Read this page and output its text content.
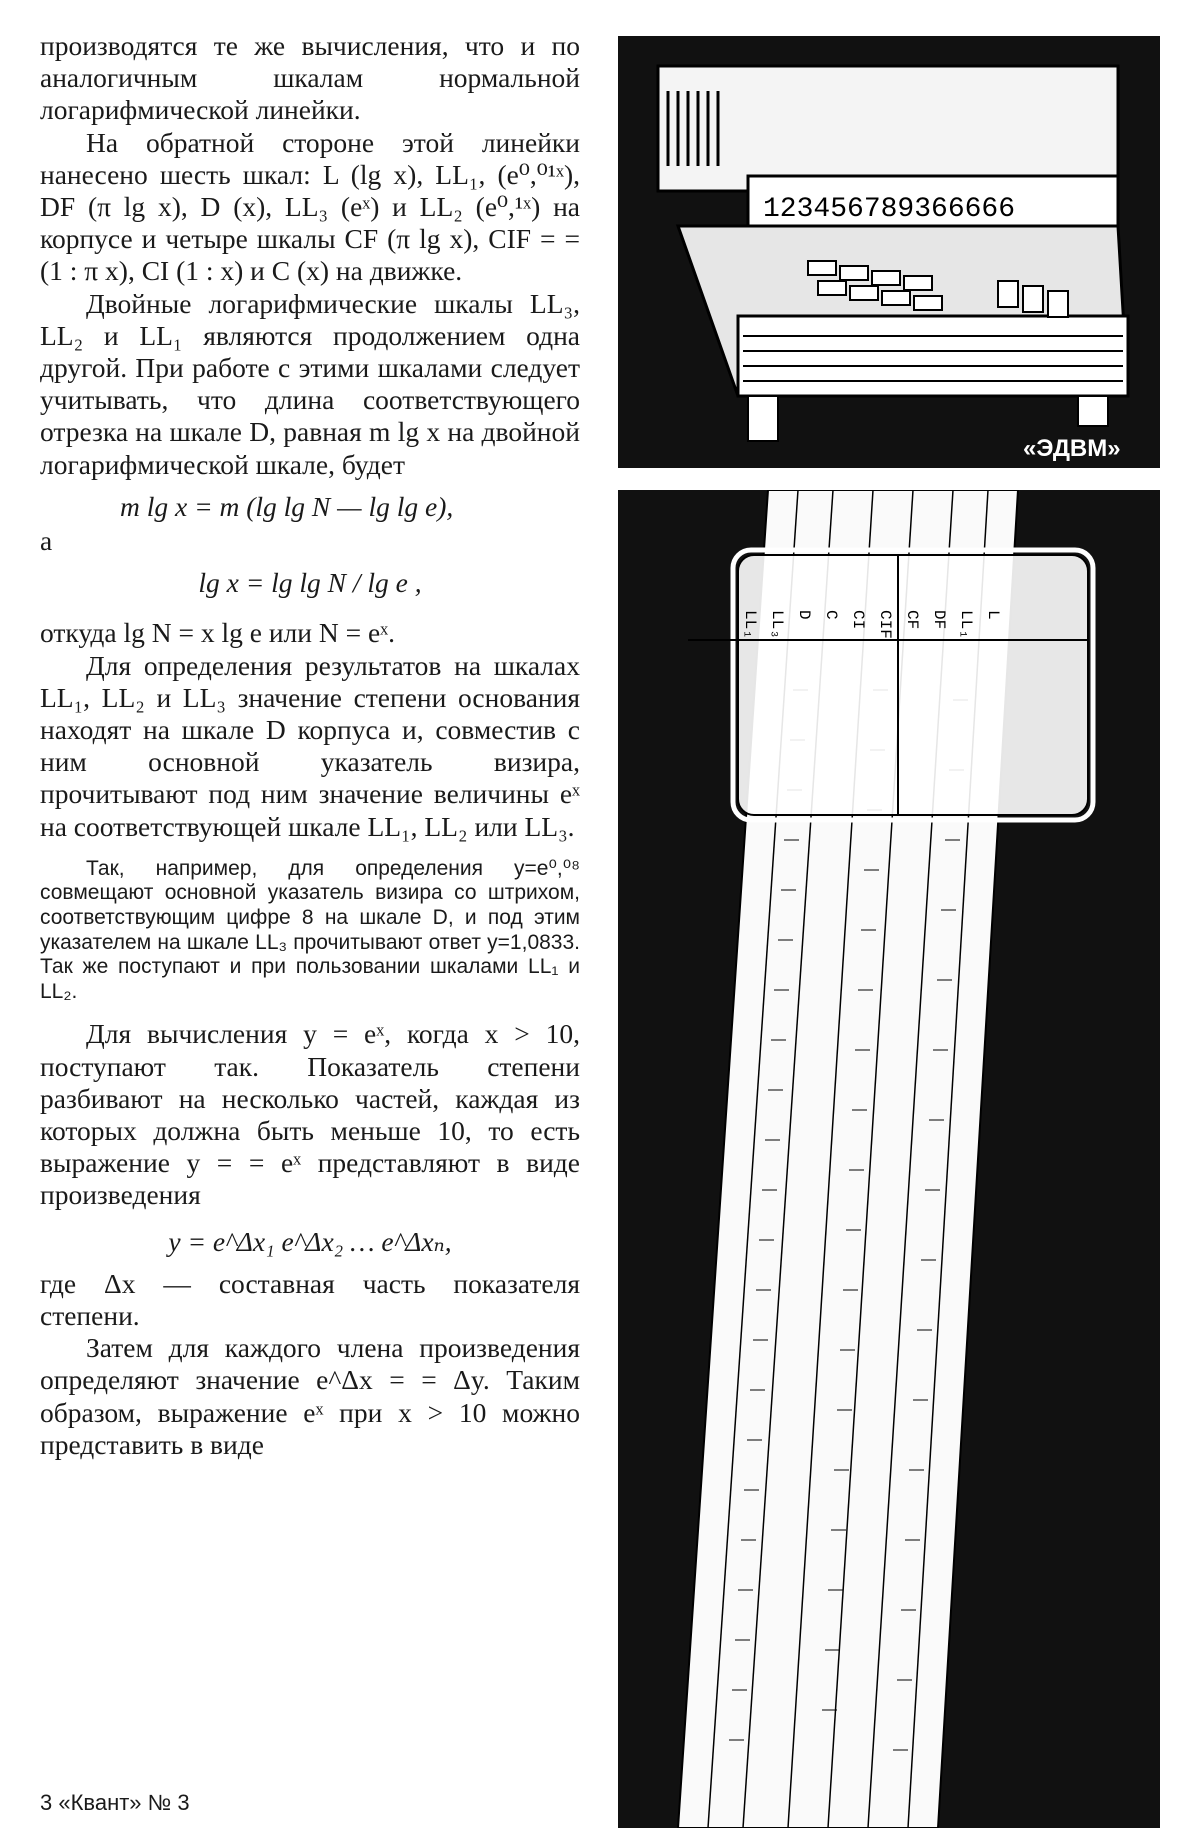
производятся те же вычисления, что и по аналогичным шкалам нормальной логарифмической линейки.

На обратной стороне этой линейки нанесено шесть шкал: L (lg x), LL₁, (e⁰,⁰¹ˣ), DF (π lg x), D (x), LL₃ (eˣ) и LL₂ (e⁰,¹ˣ) на корпусе и четыре шкалы CF (π lg x), CIF = = (1 : π x), CI (1 : x) и C (x) на движке.

Двойные логарифмические шкалы LL₃, LL₂ и LL₁ являются продолжением одна другой. При работе с этими шкалами следует учитывать, что длина соответствующего отрезка на шкале D, равная m lg x на двойной логарифмической шкале, будет

m lg x = m (lg lg N — lg lg e),

а

lg x = lg lg N / lg e ,

откуда lg N = x lg e или N = eˣ.

Для определения результатов на шкалах LL₁, LL₂ и LL₃ значение степени основания находят на шкале D корпуса и, совместив с ним основной указатель визира, прочитывают под ним значение величины eˣ на соответствующей шкале LL₁, LL₂ или LL₃.

Так, например, для определения y=e⁰,⁰⁸ совмещают основной указатель визира со штрихом, соответствующим цифре 8 на шкале D, и под этим указателем на шкале LL₃ прочитывают ответ y=1,0833. Так же поступают и при пользовании шкалами LL₁ и LL₂.

Для вычисления y = eˣ, когда x > 10, поступают так. Показатель степени разбивают на несколько частей, каждая из которых должна быть меньше 10, то есть выражение y = = eˣ представляют в виде произведения

y = e^Δx₁ e^Δx₂ … e^Δxₙ,

где Δx — составная часть показателя степени.

Затем для каждого члена произведения определяют значение e^Δx = = Δy. Таким образом, выражение eˣ при x > 10 можно представить в виде

3 «Квант» № 3
123456789366666
«ЭДВМ»
LL₁ LL₃ D C CI CIF CF DF LL₁ L
